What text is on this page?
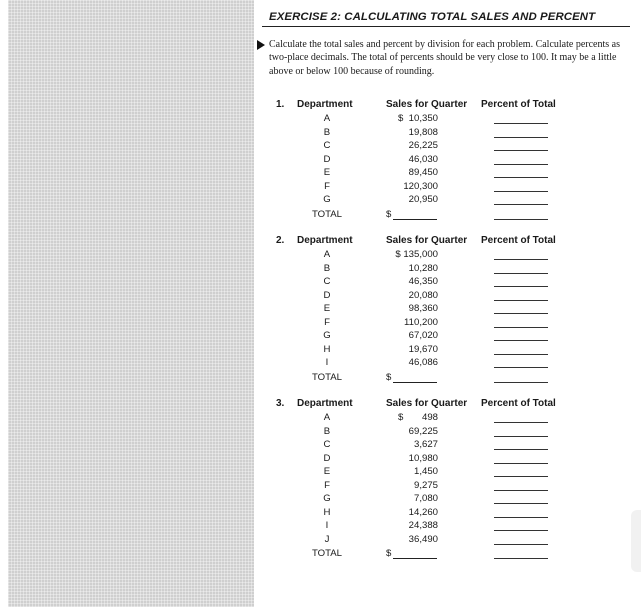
EXERCISE 2: CALCULATING TOTAL SALES AND PERCENT
Calculate the total sales and percent by division for each problem. Calculate percents as two-place decimals. The total of percents should be very close to 100. It may be a little above or below 100 because of rounding.
1. Department	Sales for Quarter Percent of Total
A	$  10,350
B	19,808
C	26,225
D	46,030
E	89,450
F	120,300
G	20,950
TOTAL	$
2. Department	Sales for Quarter Percent of Total
A	$ 135,000
B	10,280
C	46,350
D	20,080
E	98,360
F	110,200
G	67,020
H	19,670
I	46,086
TOTAL	$
3. Department	Sales for Quarter Percent of Total
A	$       498
B	69,225
C	3,627
D	10,980
E	1,450
F	9,275
G	7,080
H	14,260
I	24,388
J	36,490
TOTAL	$
